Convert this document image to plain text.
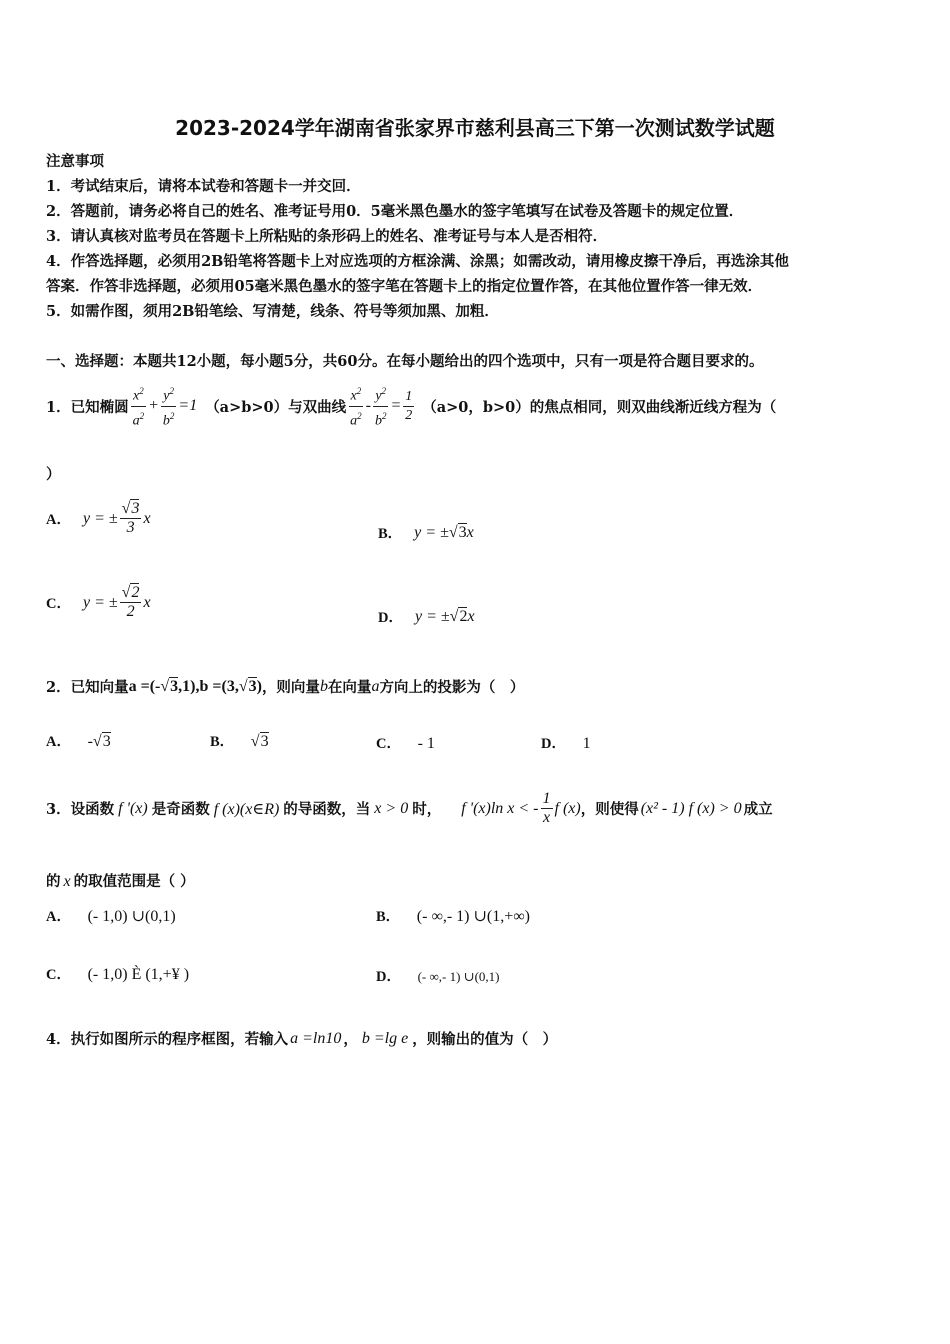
2023-2024学年湖南省张家界市慈利县高三下第一次测试数学试题
注意事项
1．考试结束后，请将本试卷和答题卡一并交回．
2．答题前，请务必将自己的姓名、准考证号用0．5毫米黑色墨水的签字笔填写在试卷及答题卡的规定位置．
3．请认真核对监考员在答题卡上所粘贴的条形码上的姓名、准考证号与本人是否相符．
4．作答选择题，必须用2B铅笔将答题卡上对应选项的方框涂满、涂黑；如需改动，请用橡皮擦干净后，再选涂其他
答案．作答非选择题，必须用05毫米黑色墨水的签字笔在答题卡上的指定位置作答，在其他位置作答一律无效．
5．如需作图，须用2B铅笔绘、写清楚，线条、符号等须加黑、加粗．
一、选择题：本题共12小题，每小题5分，共60分。在每小题给出的四个选项中，只有一项是符合题目要求的。
1．已知椭圆 $\frac{x^2}{a^2} + \frac{y^2}{b^2} =1$ （a>b>0） 与双曲线 $\frac{x^2}{a^2} - \frac{y^2}{b^2} = \frac{1}{2} (a>0$，b>0）的焦点相同，则双曲线渐近线方程为（
）
A． y = ± $\frac{√3}{3}$ x
B． y = ± √ 3 x
C． y = ± $\frac{√2}{2}$ x
D． y = ± √ 2 x
2．已知向量 a =(-√3,1),b =(3,√3) ，则向量 b 在向量 a 方向上的投影为（　）
A． -√3	B． √3	C． - 1	D． 1
3．设函数 f '(x) 是奇函数 f (x)(x∈R) 的导函数，当 x > 0 时， f '(x)ln x < - $\frac{1}{x}$ f (x) ，则使得 (x² - 1) f (x) > 0 成立
的 x 的取值范围是（ ）
A． (- 1,0) ∪(0,1)	B． (- ∞,- 1) ∪(1,+∞)
C． (- 1,0) È (1,+¥ )	D． (- ∞,- 1) ∪(0,1)
4．执行如图所示的程序框图，若输入 a =ln10 ， b =lg e ，则输出的值为（　）
